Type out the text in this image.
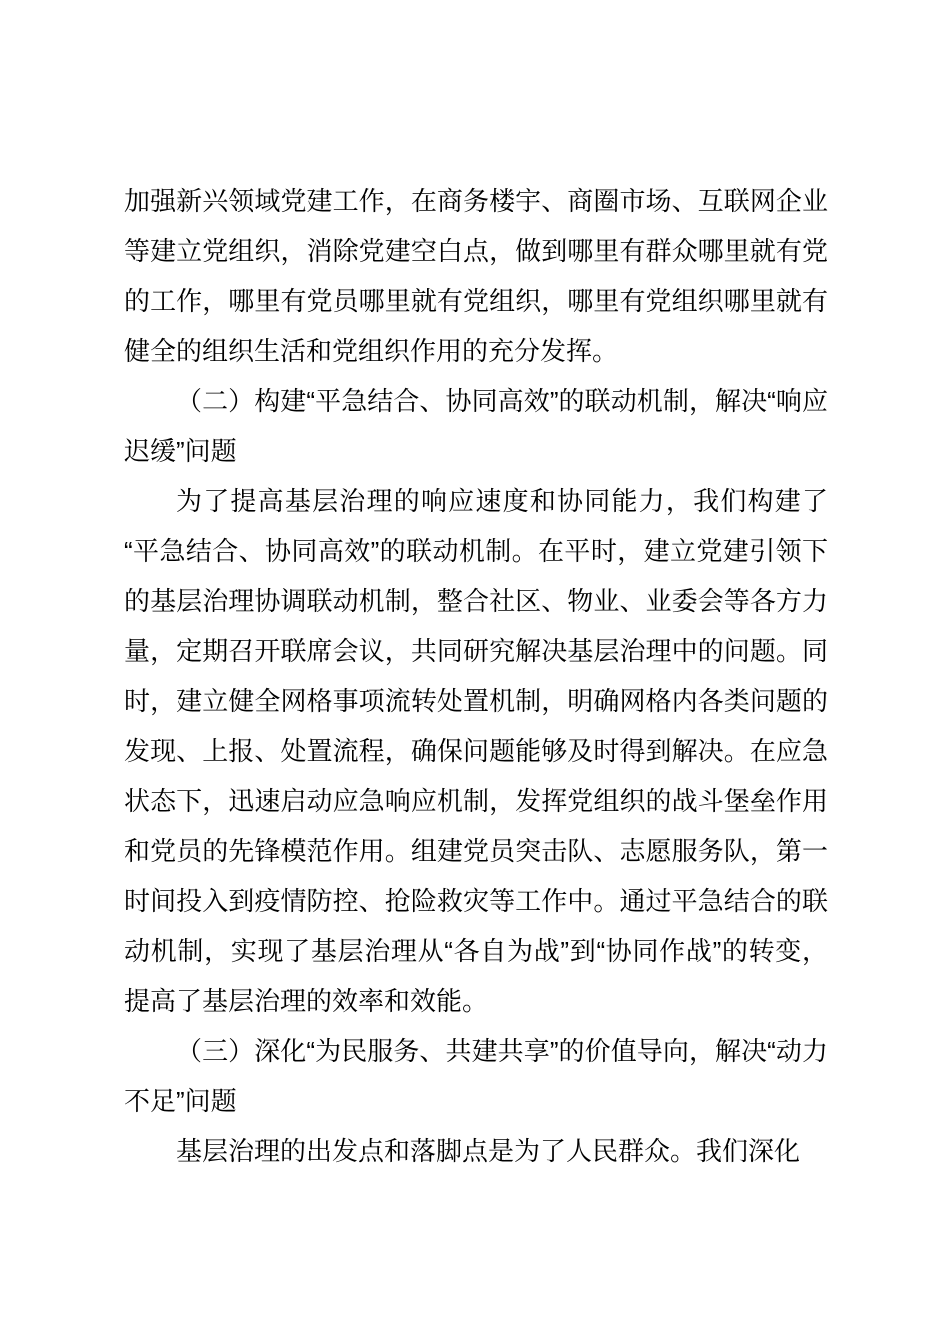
加强新兴领域党建工作，在商务楼宇、商圈市场、互联网企业等建立党组织，消除党建空白点，做到哪里有群众哪里就有党的工作，哪里有党员哪里就有党组织，哪里有党组织哪里就有健全的组织生活和党组织作用的充分发挥。

（二）构建“平急结合、协同高效”的联动机制，解决“响应迟缓”问题

为了提高基层治理的响应速度和协同能力，我们构建了“平急结合、协同高效”的联动机制。在平时，建立党建引领下的基层治理协调联动机制，整合社区、物业、业委会等各方力量，定期召开联席会议，共同研究解决基层治理中的问题。同时，建立健全网格事项流转处置机制，明确网格内各类问题的发现、上报、处置流程，确保问题能够及时得到解决。在应急状态下，迅速启动应急响应机制，发挥党组织的战斗堡垒作用和党员的先锋模范作用。组建党员突击队、志愿服务队，第一时间投入到疫情防控、抢险救灾等工作中。通过平急结合的联动机制，实现了基层治理从“各自为战”到“协同作战”的转变，提高了基层治理的效率和效能。

（三）深化“为民服务、共建共享”的价值导向，解决“动力不足”问题

基层治理的出发点和落脚点是为了人民群众。我们深化
